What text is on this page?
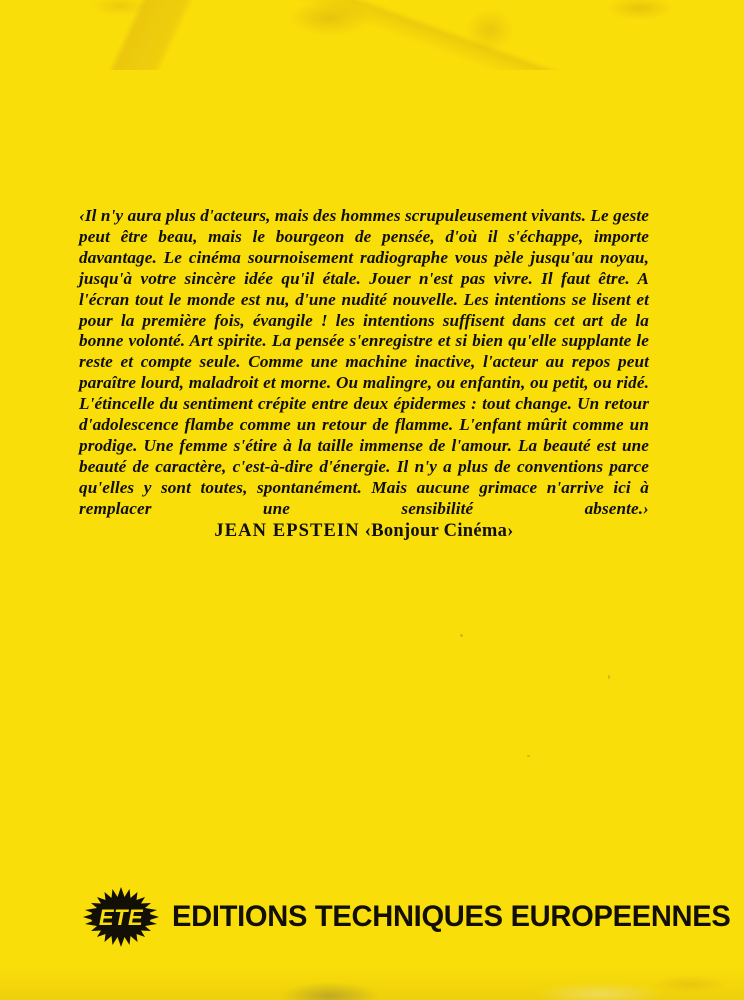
‹Il n'y aura plus d'acteurs, mais des hommes scrupuleusement vivants. Le geste peut être beau, mais le bourgeon de pensée, d'où il s'échappe, importe davantage. Le cinéma sournoisement radiographe vous pèle jusqu'au noyau, jusqu'à votre sincère idée qu'il étale. Jouer n'est pas vivre. Il faut être. A l'écran tout le monde est nu, d'une nudité nouvelle. Les intentions se lisent et pour la première fois, évangile ! les intentions suffisent dans cet art de la bonne volonté. Art spirite. La pensée s'enregistre et si bien qu'elle supplante le reste et compte seule. Comme une machine inactive, l'acteur au repos peut paraître lourd, maladroit et morne. Ou malingre, ou enfantin, ou petit, ou ridé. L'étincelle du sentiment crépite entre deux épidermes : tout change. Un retour d'adolescence flambe comme un retour de flamme. L'enfant mûrit comme un prodige. Une femme s'étire à la taille immense de l'amour. La beauté est une beauté de caractère, c'est-à-dire d'énergie. Il n'y a plus de conventions parce qu'elles y sont toutes, spontanément. Mais aucune grimace n'arrive ici à remplacer une sensibilité absente.›

JEAN EPSTEIN ‹Bonjour Cinéma›
ETE EDITIONS TECHNIQUES EUROPEENNES
